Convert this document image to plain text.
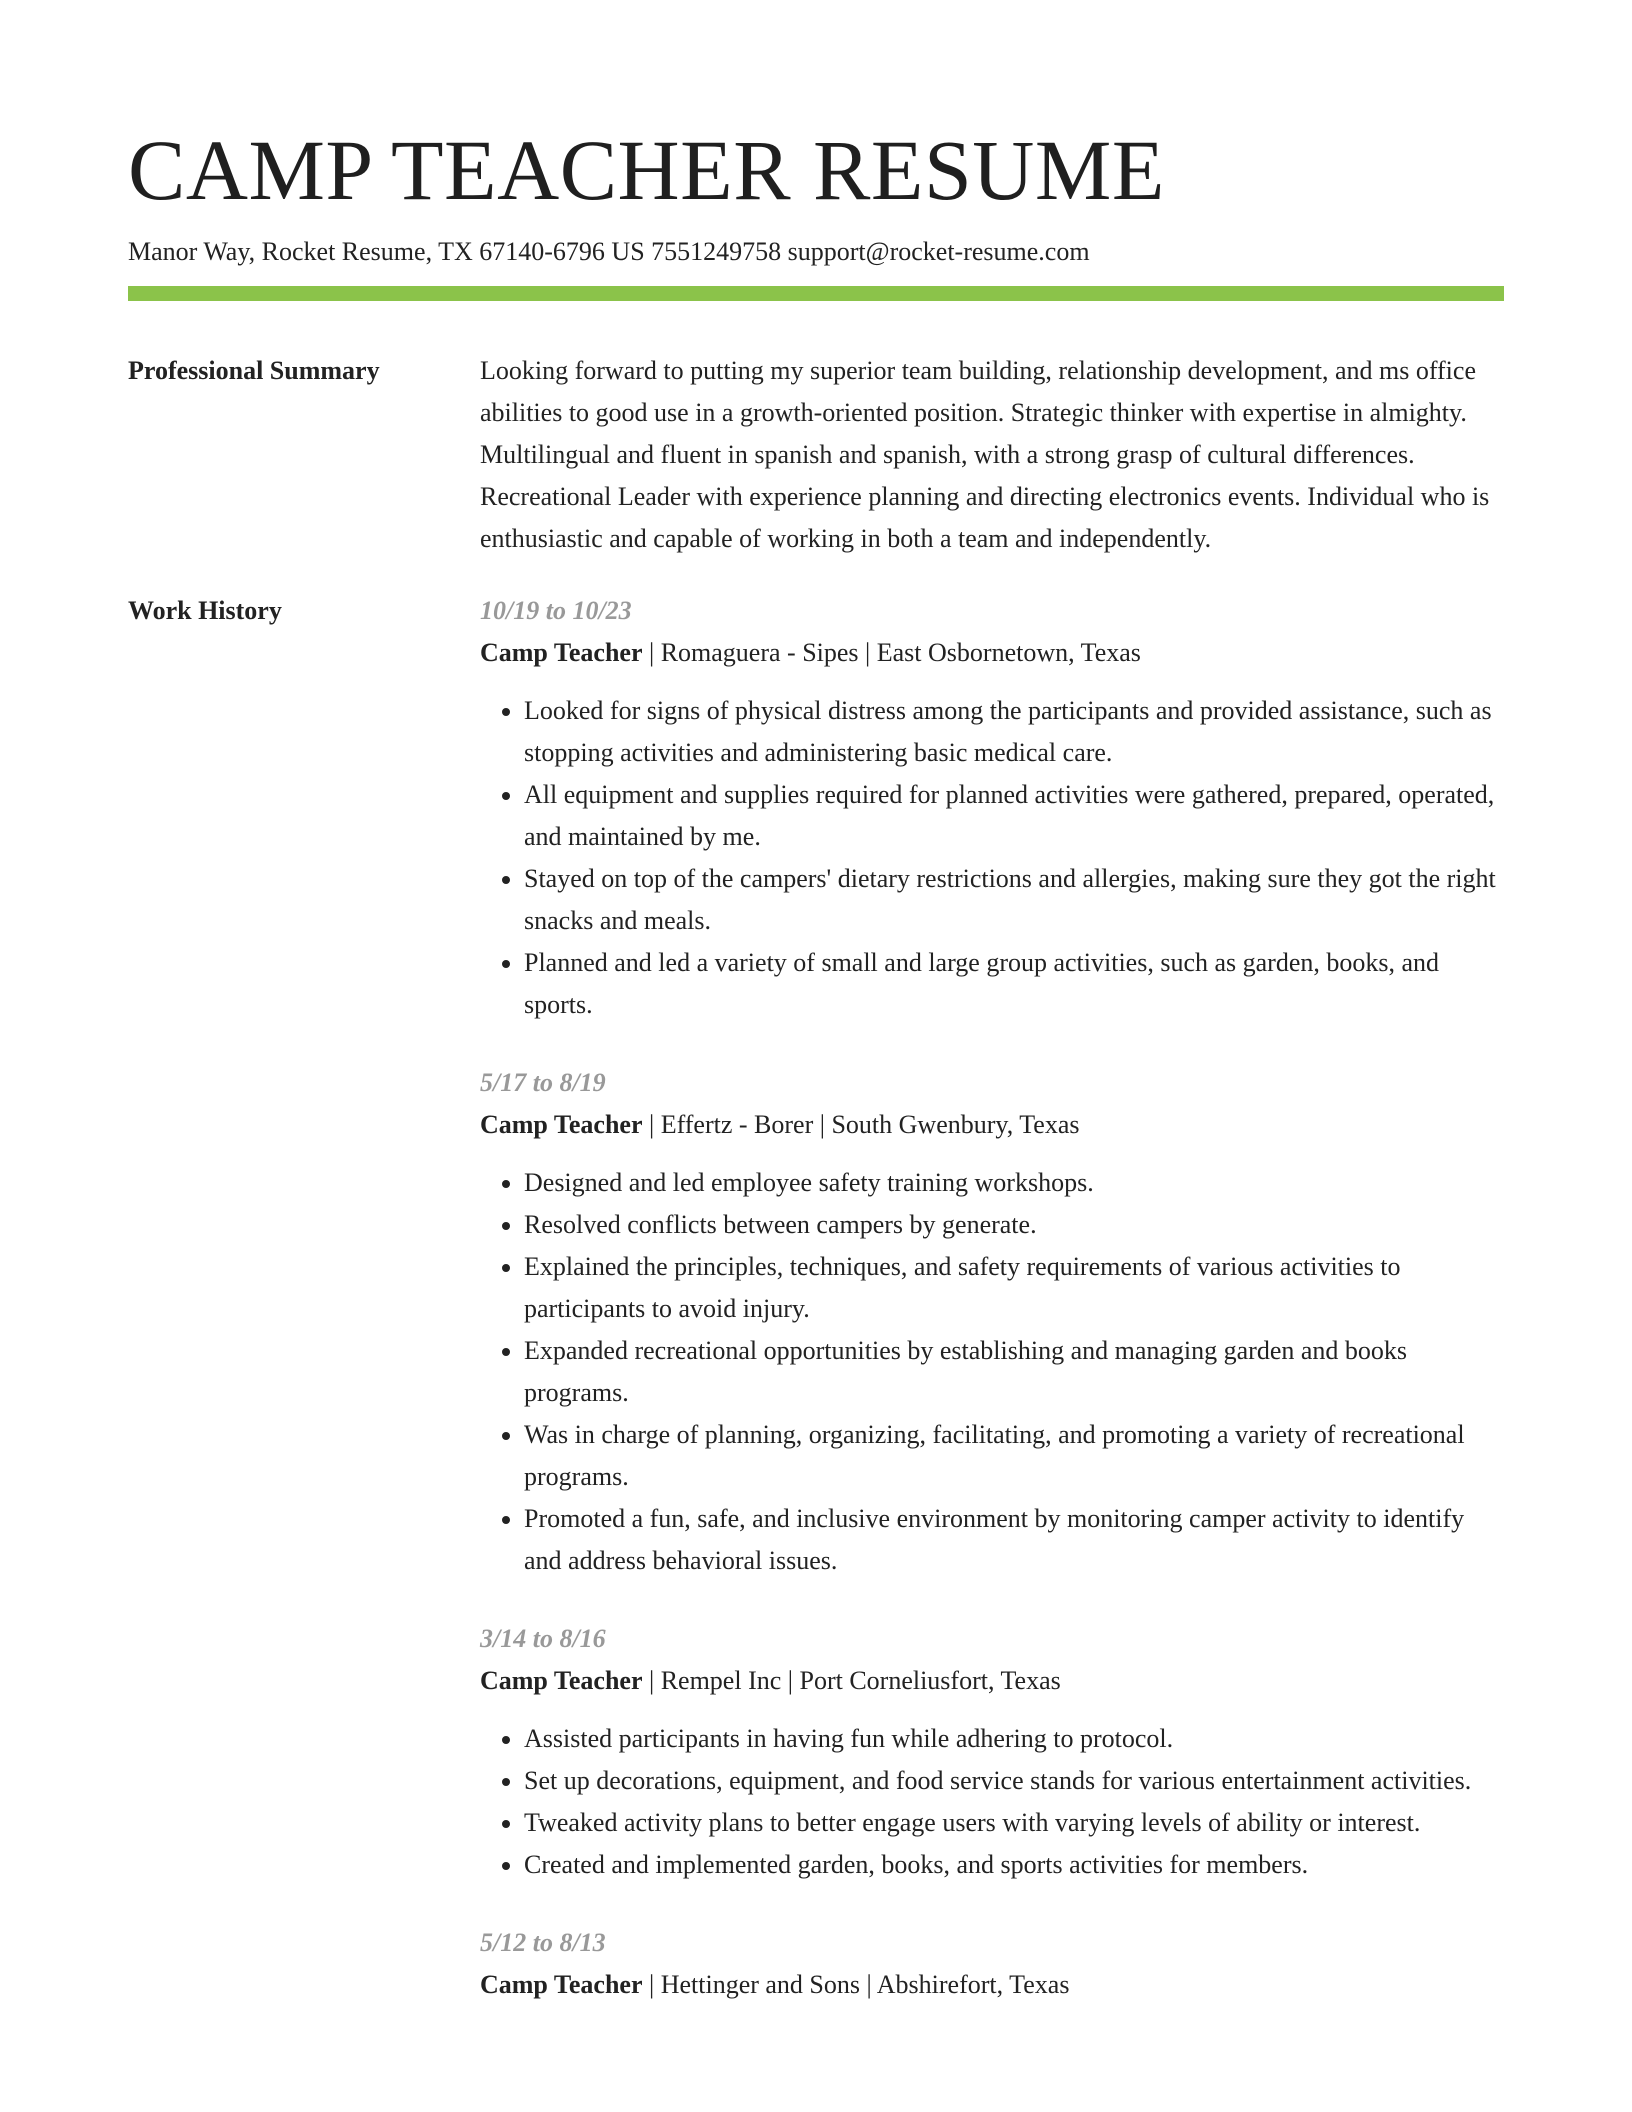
CAMP TEACHER RESUME
Manor Way, Rocket Resume, TX 67140-6796 US 7551249758 support@rocket-resume.com
Professional Summary	Looking forward to putting my superior team building, relationship development, and ms office abilities to good use in a growth-oriented position. Strategic thinker with expertise in almighty. Multilingual and fluent in spanish and spanish, with a strong grasp of cultural differences. Recreational Leader with experience planning and directing electronics events. Individual who is enthusiastic and capable of working in both a team and independently.

Work History	10/19 to 10/23
Camp Teacher | Romaguera - Sipes | East Osbornetown, Texas
• Looked for signs of physical distress among the participants and provided assistance, such as stopping activities and administering basic medical care.
• All equipment and supplies required for planned activities were gathered, prepared, operated, and maintained by me.
• Stayed on top of the campers' dietary restrictions and allergies, making sure they got the right snacks and meals.
• Planned and led a variety of small and large group activities, such as garden, books, and sports.
5/17 to 8/19
Camp Teacher | Effertz - Borer | South Gwenbury, Texas
• Designed and led employee safety training workshops.
• Resolved conflicts between campers by generate.
• Explained the principles, techniques, and safety requirements of various activities to participants to avoid injury.
• Expanded recreational opportunities by establishing and managing garden and books programs.
• Was in charge of planning, organizing, facilitating, and promoting a variety of recreational programs.
• Promoted a fun, safe, and inclusive environment by monitoring camper activity to identify and address behavioral issues.
3/14 to 8/16
Camp Teacher | Rempel Inc | Port Corneliusfort, Texas
• Assisted participants in having fun while adhering to protocol.
• Set up decorations, equipment, and food service stands for various entertainment activities.
• Tweaked activity plans to better engage users with varying levels of ability or interest.
• Created and implemented garden, books, and sports activities for members.
5/12 to 8/13
Camp Teacher | Hettinger and Sons | Abshirefort, Texas
